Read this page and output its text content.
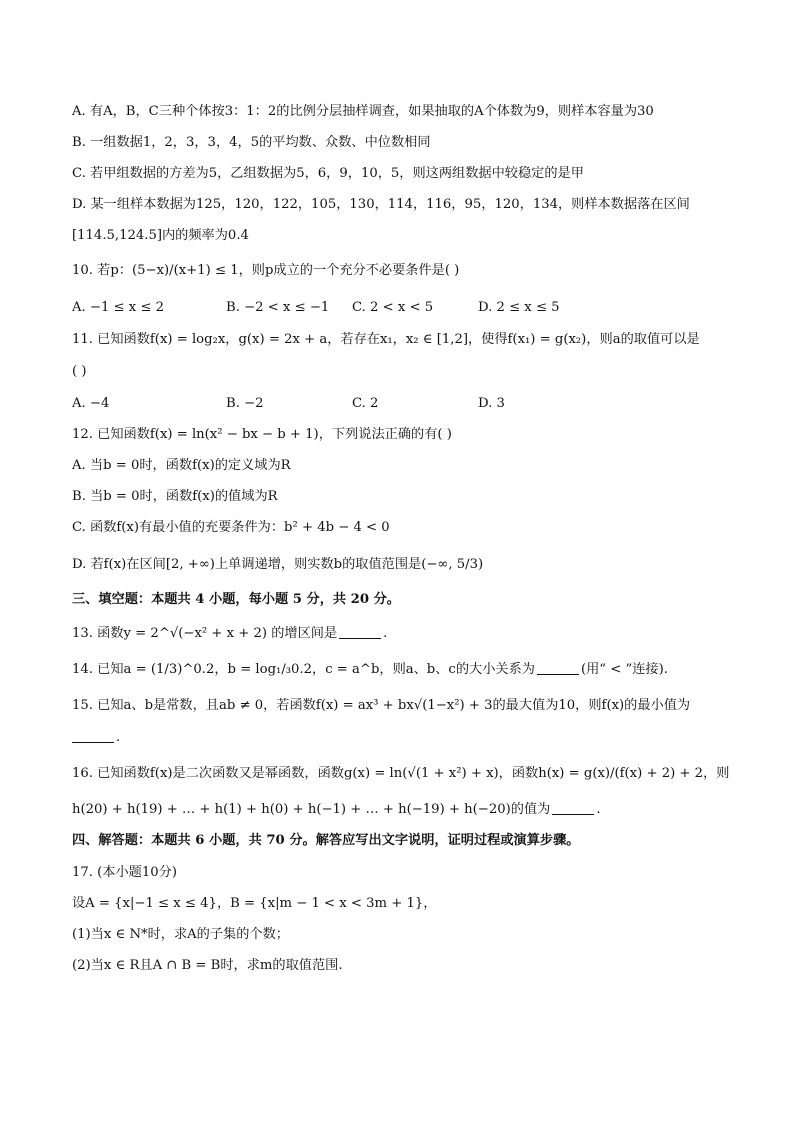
A. 有A，B，C三种个体按3：1：2的比例分层抽样调查，如果抽取的A个体数为9，则样本容量为30
B. 一组数据1，2，3，3，4，5的平均数、众数、中位数相同
C. 若甲组数据的方差为5，乙组数据为5，6，9，10，5，则这两组数据中较稳定的是甲
D. 某一组样本数据为125，120，122，105，130，114，116，95，120，134，则样本数据落在区间
[114.5,124.5]内的频率为0.4
10. 若p：(5−x)/(x+1) ≤ 1，则p成立的一个充分不必要条件是( )
A. −1 ≤ x ≤ 2	B. −2 < x ≤ −1 C. 2 < x < 5	D. 2 ≤ x ≤ 5
11. 已知函数f(x) = log₂x，g(x) = 2x + a，若存在x₁，x₂ ∈ [1,2]，使得f(x₁) = g(x₂)，则a的取值可以是
( )
A. −4	B. −2	C. 2	D. 3
12. 已知函数f(x) = ln(x² − bx − b + 1)，下列说法正确的有( )
A. 当b = 0时，函数f(x)的定义域为R
B. 当b = 0时，函数f(x)的值域为R
C. 函数f(x)有最小值的充要条件为：b² + 4b − 4 < 0
D. 若f(x)在区间[2, +∞)上单调递增，则实数b的取值范围是(−∞, 5/3)
三、填空题：本题共 4 小题，每小题 5 分，共 20 分。
13. 函数y = 2^√(−x² + x + 2) 的增区间是	.
14. 已知a = (1/3)^0.2，b = log₁/₃0.2，c = a^b，则a、b、c的大小关系为	(用“ < ”连接).
15. 已知a、b是常数，且ab ≠ 0，若函数f(x) = ax³ + bx√(1−x²) + 3的最大值为10，则f(x)的最小值为
.
16. 已知函数f(x)是二次函数又是幂函数，函数g(x) = ln(√(1 + x²) + x)，函数h(x) = g(x)/(f(x) + 2) + 2，则
h(20) + h(19) + … + h(1) + h(0) + h(−1) + … + h(−19) + h(−20)的值为	.
四、解答题：本题共 6 小题，共 70 分。解答应写出文字说明，证明过程或演算步骤。
17. (本小题10分)
设A = {x|−1 ≤ x ≤ 4}，B = {x|m − 1 < x < 3m + 1}，
(1)当x ∈ N*时，求A的子集的个数；
(2)当x ∈ R且A ∩ B = B时，求m的取值范围.
